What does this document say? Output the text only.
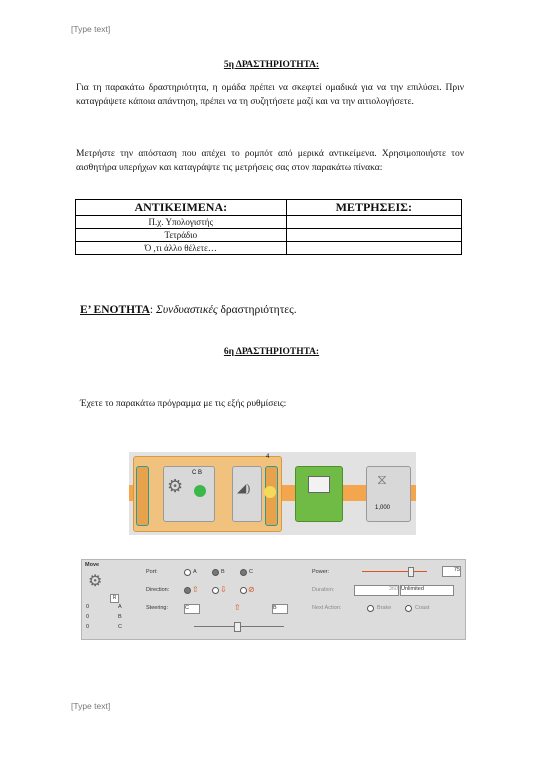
[Type text]
5η ΔΡΑΣΤΗΡΙΟΤΗΤΑ:
Για τη παρακάτω δραστηριότητα, η ομάδα πρέπει να σκεφτεί ομαδικά για να την επιλύσει. Πριν καταγράψετε κάποια απάντηση, πρέπει να τη συζητήσετε μαζί και να την αιτιολογήσετε.
Μετρήστε την απόσταση που απέχει το ρομπότ από μερικά αντικείμενα. Χρησιμοποιήστε τον αισθητήρα υπερήχων και καταγράψτε τις μετρήσεις σας στον παρακάτω πίνακα:
ΑΝΤΙΚΕΙΜΕΝΑ:	ΜΕΤΡΗΣΕΙΣ:
Π.χ. Υπολογιστής	
Τετράδιο	
Ό ,τι άλλο θέλετε…	
Ε’ ΕΝΟΤΗΤΑ: Συνδυαστικές δραστηριότητες.
6η ΔΡΑΣΤΗΡΙΟΤΗΤΑ:
Έχετε το παρακάτω πρόγραμμα με τις εξής ρυθμίσεις:
⚙
C B
◢)
4
⧖
1,000
Move
⚙
R
0	A
0	B
0	C
Port:	A	B	C
Direction:	⇧	⇩	⊘
Steering:	C	⇧	B
Power:	75
Duration:	360 Unlimited
Next Action:	Brake	Coast
[Type text]
